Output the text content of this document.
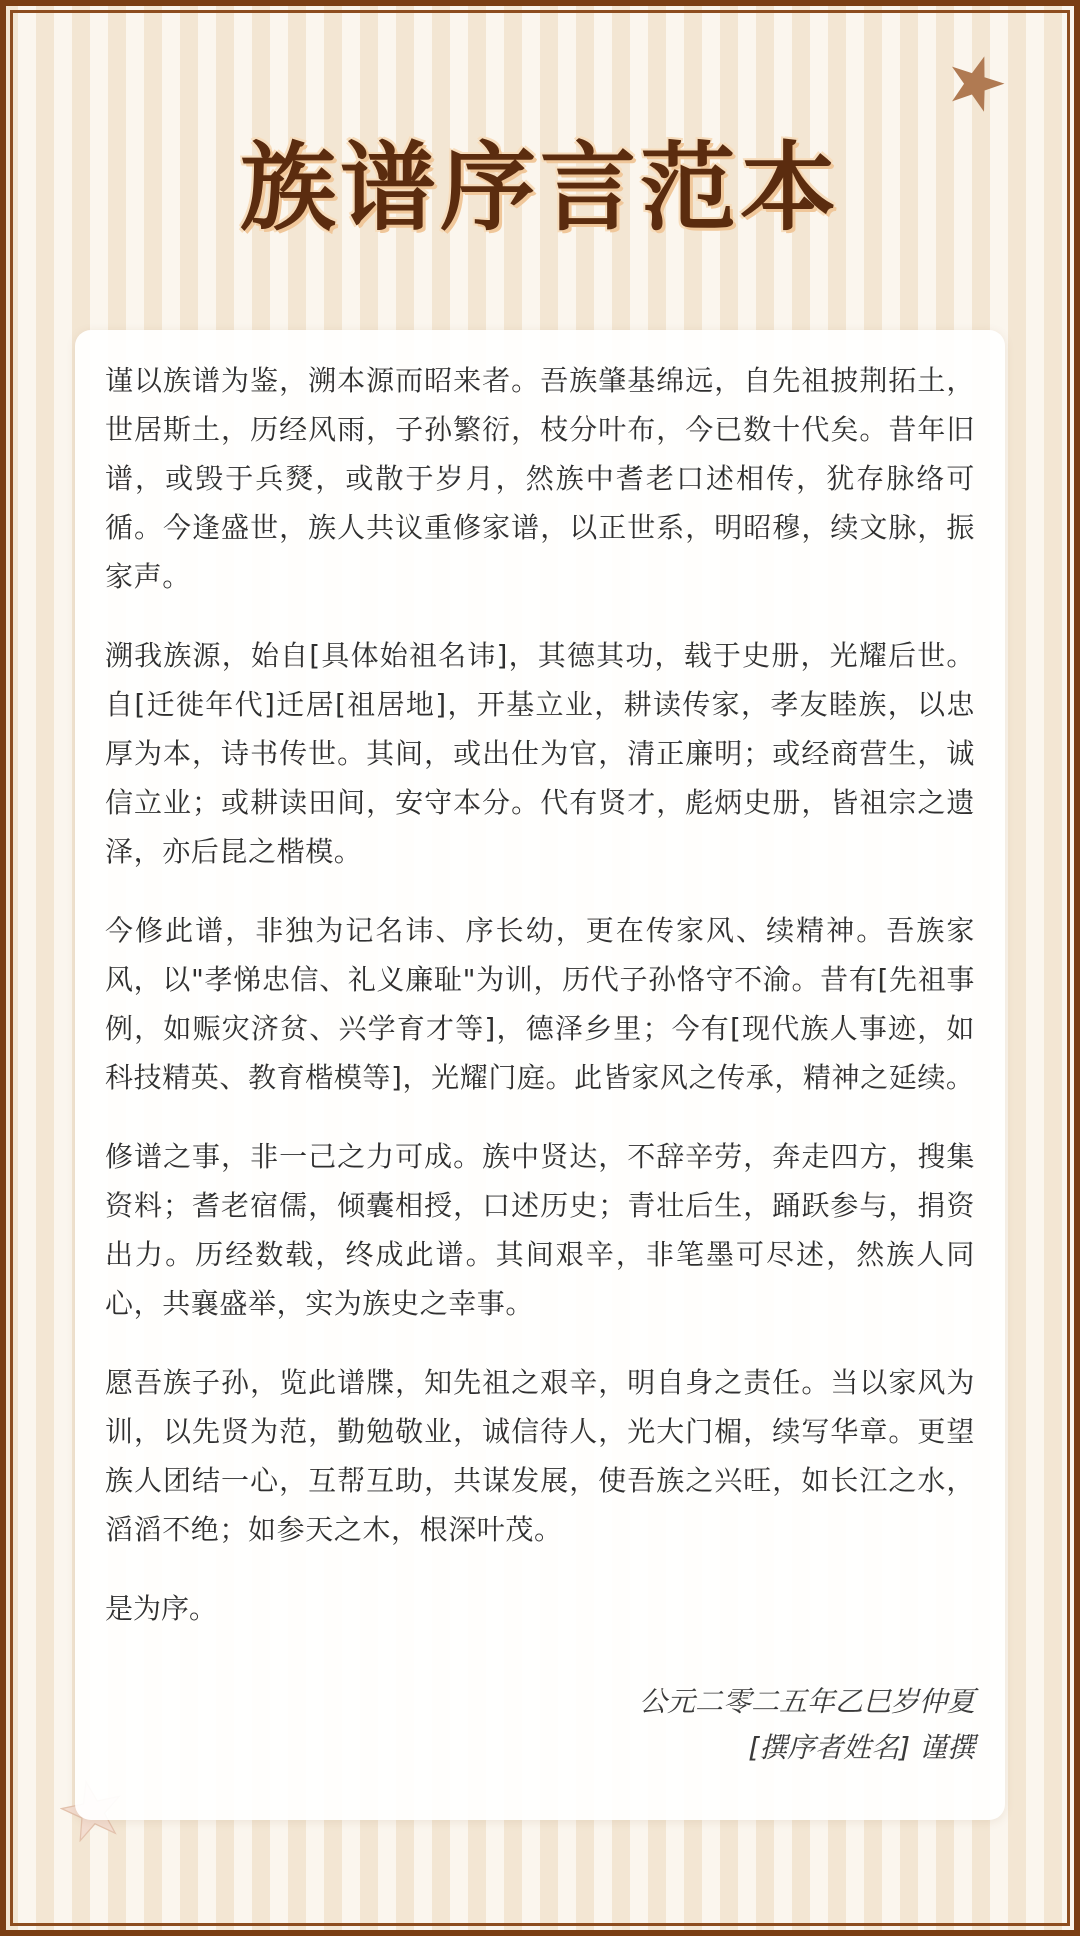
族谱序言范本

谨以族谱为鉴，溯本源而昭来者。吾族肇基绵远，自先祖披荆拓土，世居斯土，历经风雨，子孙繁衍，枝分叶布，今已数十代矣。昔年旧谱，或毁于兵燹，或散于岁月，然族中耆老口述相传，犹存脉络可循。今逢盛世，族人共议重修家谱，以正世系，明昭穆，续文脉，振家声。

溯我族源，始自[具体始祖名讳]，其德其功，载于史册，光耀后世。自[迁徙年代]迁居[祖居地]，开基立业，耕读传家，孝友睦族，以忠厚为本，诗书传世。其间，或出仕为官，清正廉明；或经商营生，诚信立业；或耕读田间，安守本分。代有贤才，彪炳史册，皆祖宗之遗泽，亦后昆之楷模。

今修此谱，非独为记名讳、序长幼，更在传家风、续精神。吾族家风，以"孝悌忠信、礼义廉耻"为训，历代子孙恪守不渝。昔有[先祖事例，如赈灾济贫、兴学育才等]，德泽乡里；今有[现代族人事迹，如科技精英、教育楷模等]，光耀门庭。此皆家风之传承，精神之延续。

修谱之事，非一己之力可成。族中贤达，不辞辛劳，奔走四方，搜集资料；耆老宿儒，倾囊相授，口述历史；青壮后生，踊跃参与，捐资出力。历经数载，终成此谱。其间艰辛，非笔墨可尽述，然族人同心，共襄盛举，实为族史之幸事。

愿吾族子孙，览此谱牒，知先祖之艰辛，明自身之责任。当以家风为训，以先贤为范，勤勉敬业，诚信待人，光大门楣，续写华章。更望族人团结一心，互帮互助，共谋发展，使吾族之兴旺，如长江之水，滔滔不绝；如参天之木，根深叶茂。

是为序。

公元二零二五年乙巳岁仲夏
[撰序者姓名] 谨撰
